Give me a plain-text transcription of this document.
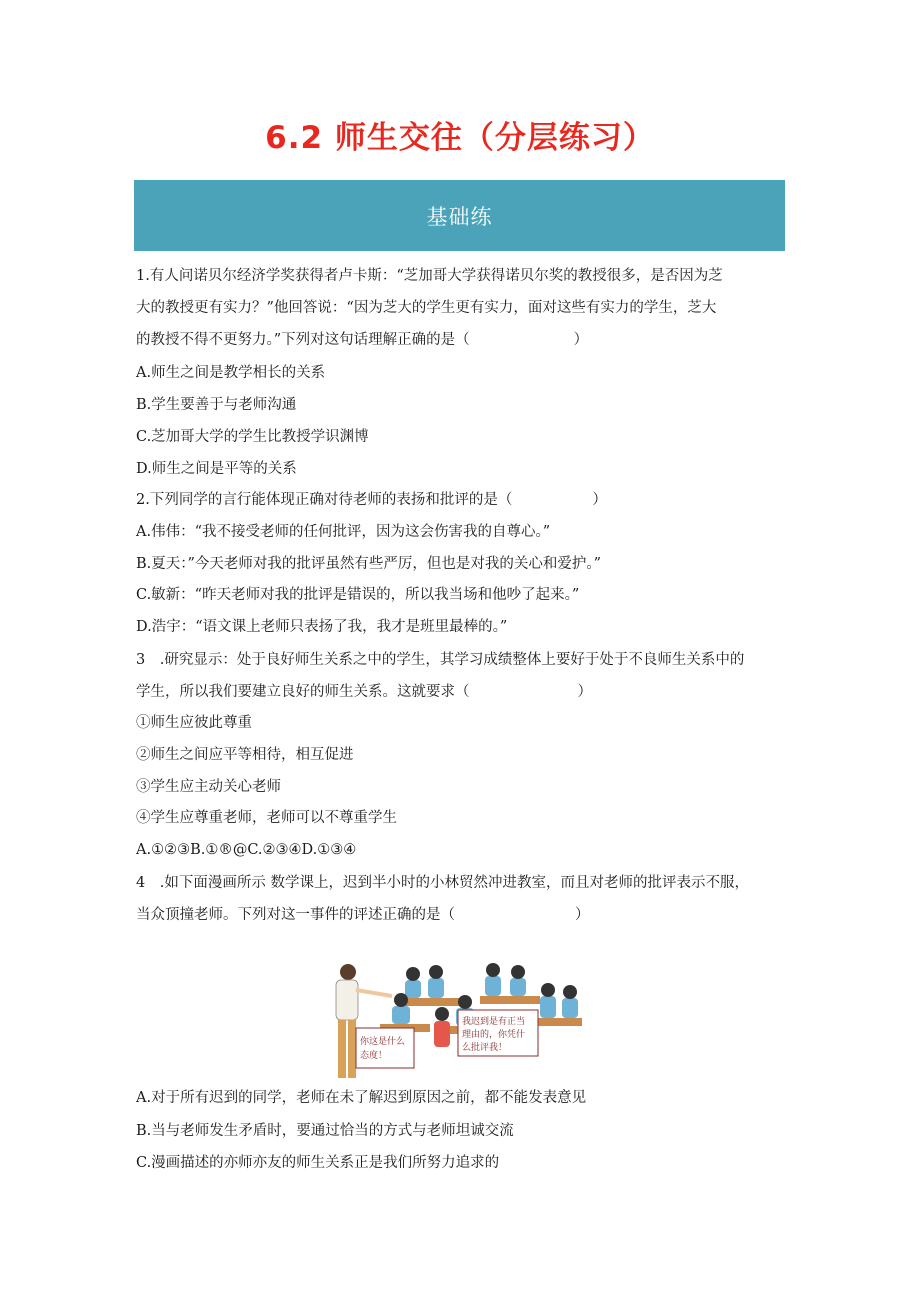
6.2 师生交往（分层练习）
基础练
1.有人问诺贝尔经济学奖获得者卢卡斯：“芝加哥大学获得诺贝尔奖的教授很多，是否因为芝
大的教授更有实力？”他回答说：“因为芝大的学生更有实力，面对这些有实力的学生，芝大
的教授不得不更努力。”下列对这句话理解正确的是（	）
A.师生之间是教学相长的关系
B.学生要善于与老师沟通
C.芝加哥大学的学生比教授学识渊博
D.师生之间是平等的关系
2.下列同学的言行能体现正确对待老师的表扬和批评的是（	）
A.伟伟：“我不接受老师的任何批评，因为这会伤害我的自尊心。”
B.夏天：”今天老师对我的批评虽然有些严厉，但也是对我的关心和爱护。”
C.敏新：“昨天老师对我的批评是错误的，所以我当场和他吵了起来。”
D.浩宇：“语文课上老师只表扬了我，我才是班里最棒的。”
3　.研究显示：处于良好师生关系之中的学生，其学习成绩整体上要好于处于不良师生关系中的
学生，所以我们要建立良好的师生关系。这就要求（	）
①师生应彼此尊重
②师生之间应平等相待，相互促进
③学生应主动关心老师
④学生应尊重老师，老师可以不尊重学生
A.①②③B.①®@C.②③④D.①③④
4　.如下面漫画所示 数学课上，迟到半小时的小林贸然冲进教室，而且对老师的批评表示不服，
当众顶撞老师。下列对这一事件的评述正确的是（	）
你这是什么
态度！
我迟到是有正当
理由的，你凭什
么批评我！
A.对于所有迟到的同学，老师在未了解迟到原因之前，都不能发表意见
B.当与老师发生矛盾时，要通过恰当的方式与老师坦诚交流
C.漫画描述的亦师亦友的师生关系正是我们所努力追求的
